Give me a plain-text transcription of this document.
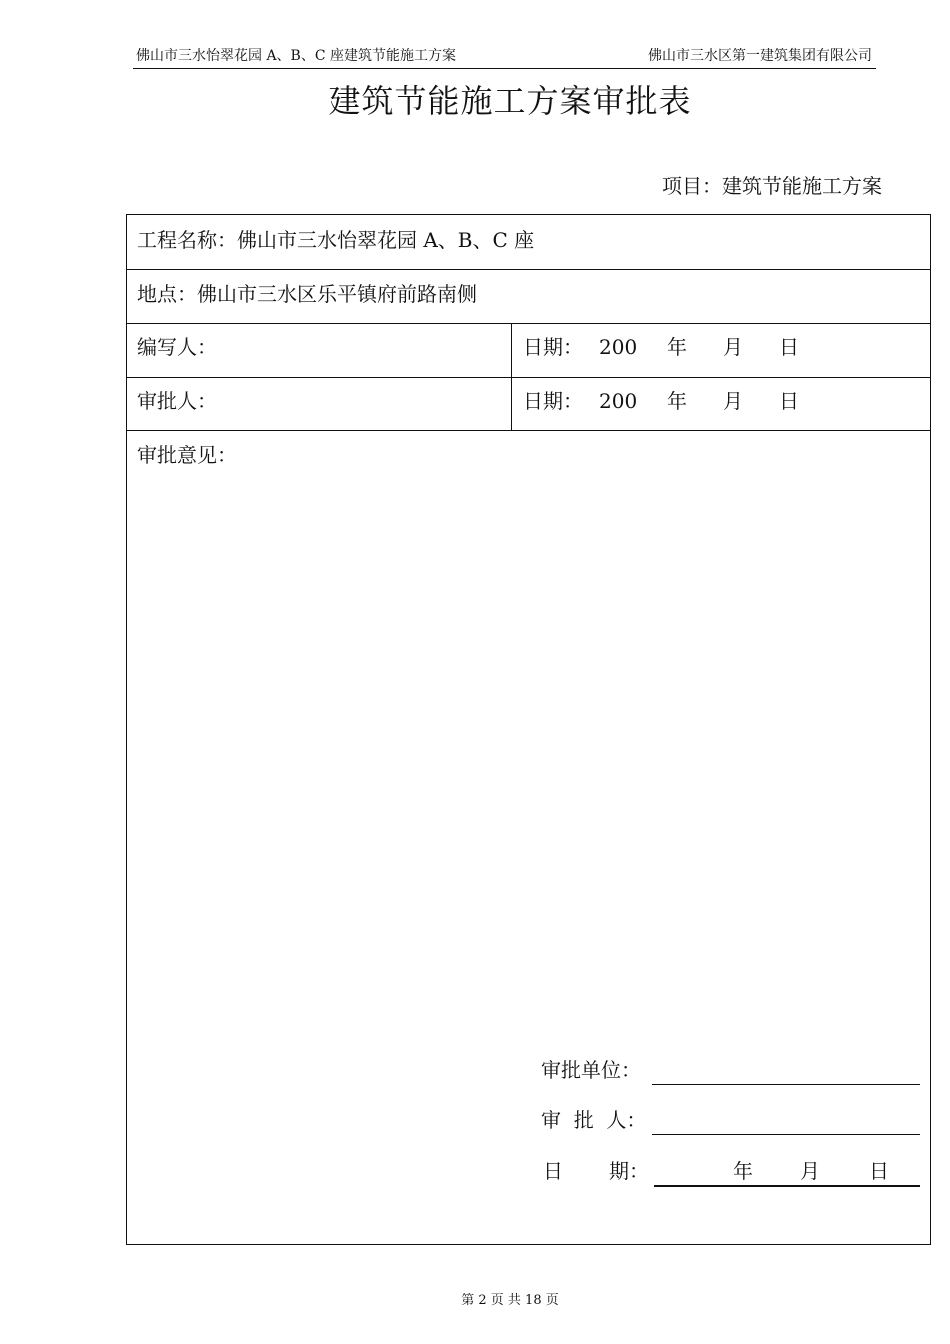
佛山市三水怡翠花园 A、B、C 座建筑节能施工方案	佛山市三水区第一建筑集团有限公司
建筑节能施工方案审批表
项目：建筑节能施工方案
工程名称：佛山市三水怡翠花园 A、B、C 座
地点：佛山市三水区乐平镇府前路南侧
编写人：	日期： 200 年 月 日
审批人：	日期： 200 年 月 日
审批意见：
审批单位：
审  批  人：
日 期：	年 月 日
第 2 页 共 18 页
